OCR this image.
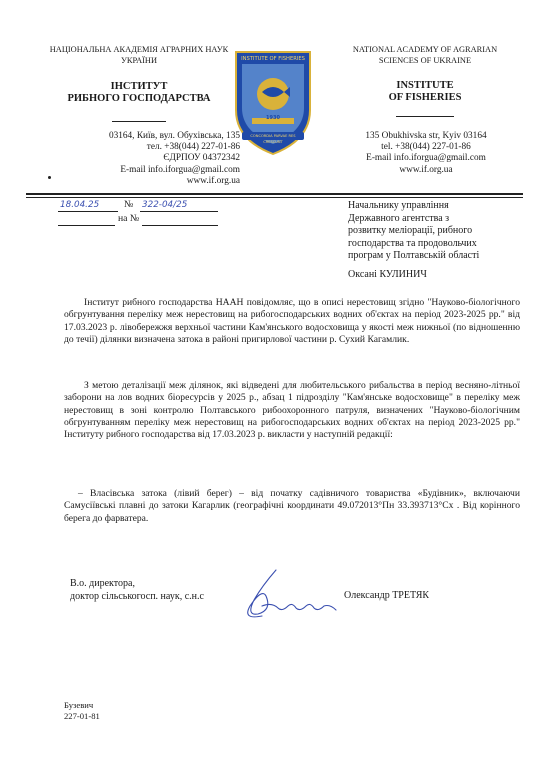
НАЦІОНАЛЬНА АКАДЕМІЯ АГРАРНИХ НАУК УКРАЇНИ
ІНСТИТУТ
РИБНОГО ГОСПОДАРСТВА
03164, Київ, вул. Обухівська, 135
тел. +38(044) 227-01-86
ЄДРПОУ 04372342
E-mail info.iforgua@gmail.com
www.if.org.ua
INSTITUTE OF FISHERIES
1930
CONCORDIA PARVAE RES CRESCUNT
NATIONAL ACADEMY OF AGRARIAN
SCIENCES OF UKRAINE
INSTITUTE
OF FISHERIES
135 Obukhivska str, Kyiv 03164
tel. +38(044) 227-01-86
E-mail info.iforgua@gmail.com
www.if.org.ua
18.04.25	№ 322-04/25
на №
Начальнику управління
Державного агентства з
розвитку меліорації, рибного
господарства та продовольчих
програм у Полтавській області
Оксані КУЛИНИЧ
Інститут рибного господарства НААН повідомляє, що в описі нерестовищ згідно "Науково-біологічного обгрунтування переліку меж нерестовищ на рибогосподарських водних об'єктах на період 2023-2025 рр." від 17.03.2023 р. лівобережжя верхньої частини Кам'янського водосховища у якості меж нижньої (по відношенню до течії) ділянки визначена затока в районі пригирлової частини р. Сухий Кагамлик.
З метою деталізації меж ділянок, які відведені для любительського рибальства в період весняно-літньої заборони на лов водних біоресурсів у 2025 р., абзац 1 підрозділу "Кам'янське водосховище" в переліку меж нерестовищ в зоні контролю Полтавського рибоохоронного патруля, визначених "Науково-біологічним обгрунтуванням переліку меж нерестовищ на рибогосподарських водних об'єктах на період 2023-2025 рр." Інституту рибного господарства від 17.03.2023 р. викласти у наступній редакції:
– Власівська затока (лівий берег) – від початку садівничого товариства «Будівник», включаючи Самусіївські плавні до затоки Кагарлик (географічні координати 49.072013°Пн 33.393713°Сх . Від корінного берега до фарватера.
В.о. директора,
доктор сільськогосп. наук, с.н.с	Олександр ТРЕТЯК
Бузевич
227-01-81
